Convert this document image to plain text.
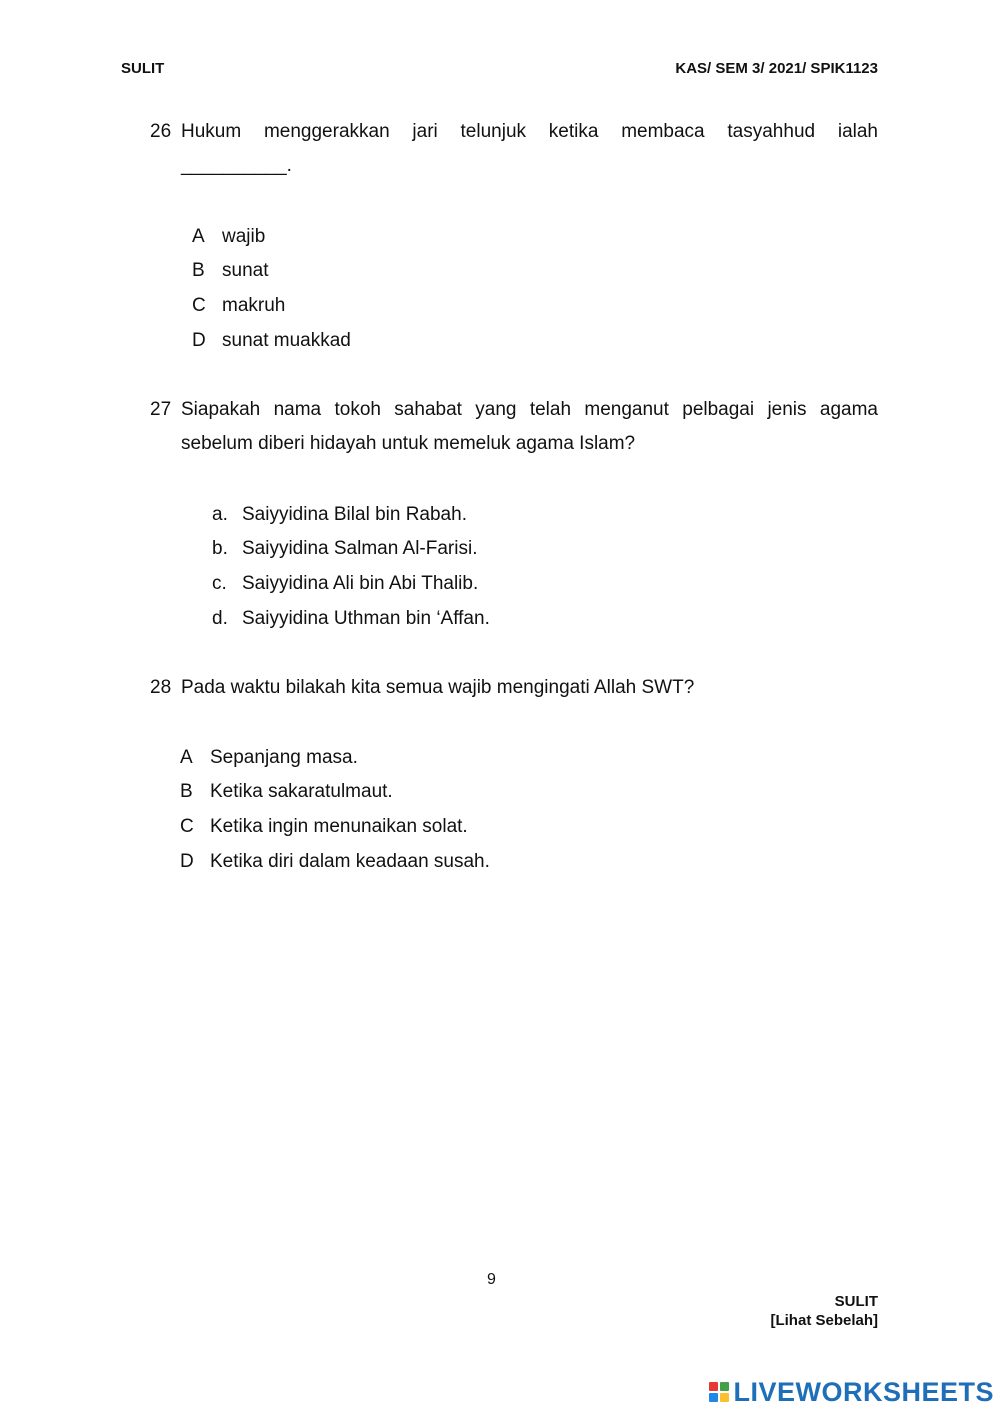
SULIT	KAS/ SEM 3/ 2021/ SPIK1123
26 Hukum menggerakkan jari telunjuk ketika membaca tasyahhud ialah
__________.
A wajib
B sunat
C makruh
D sunat muakkad
27 Siapakah nama tokoh sahabat yang telah menganut pelbagai jenis agama sebelum diberi hidayah untuk memeluk agama Islam?
a. Saiyyidina Bilal bin Rabah.
b. Saiyyidina Salman Al-Farisi.
c. Saiyyidina Ali bin Abi Thalib.
d. Saiyyidina Uthman bin ‘Affan.
28 Pada waktu bilakah kita semua wajib mengingati Allah SWT?
A Sepanjang masa.
B Ketika sakaratulmaut.
C Ketika ingin menunaikan solat.
D Ketika diri dalam keadaan susah.
9
SULIT
[Lihat Sebelah]
LIVEWORKSHEETS
